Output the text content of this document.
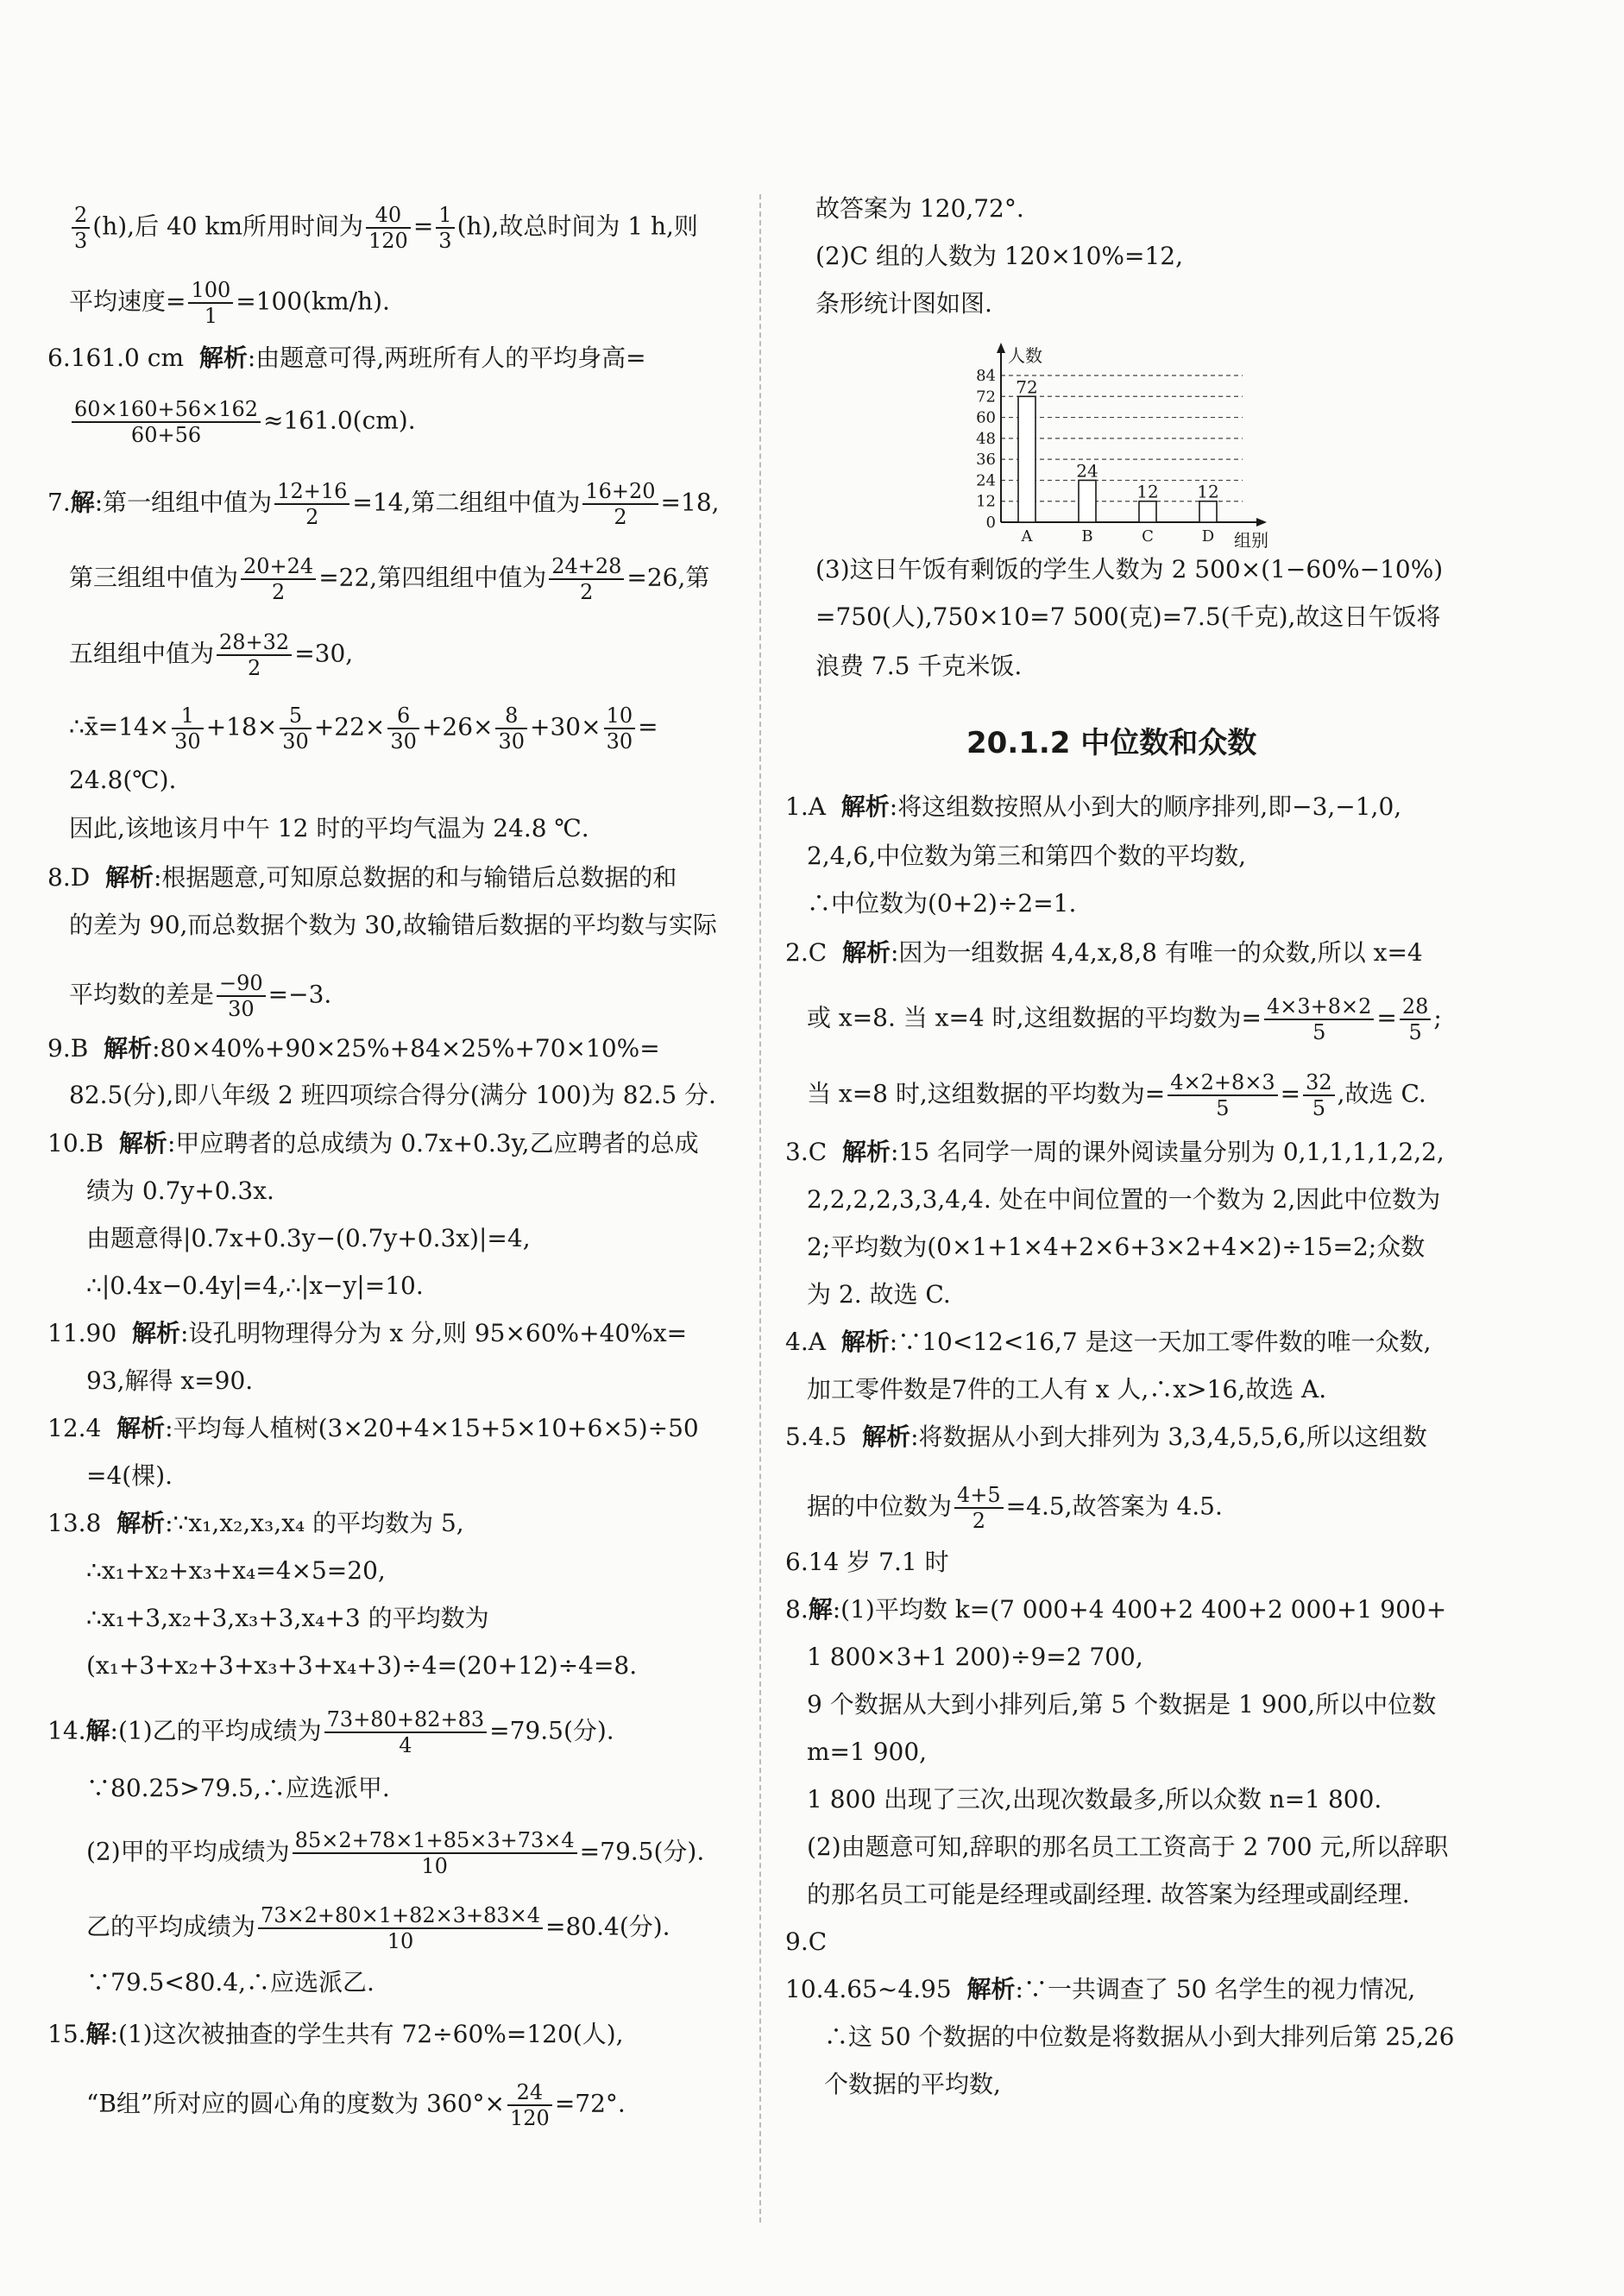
$\frac{2}{3} (h)$,后 40 km所用时间为 $\frac{40}{120} = \frac{1}{3} (h)$,故总时间为 1 h,则
平均速度= $\frac{100}{1} =100(km/h)$.
6.161.0 cm 解析:由题意可得,两班所有人的平均身高=
$\frac{60\times 160+56\times 162}{60+56} \approx 161.0(cm)$.
7.解:第一组组中值为 $\frac{12+16}{2} =14$,第二组组中值为 $\frac{16+20}{2} =18$,
第三组组中值为 $\frac{20+24}{2} =22$,第四组组中值为 $\frac{24+28}{2} =26$,第
五组组中值为 $\frac{28+32}{2} =30$,
∴x̄=14× $\frac{1}{30} +18\times \frac{5}{30} +22\times \frac{6}{30} +26\times \frac{8}{30} +30\times \frac{10}{30}$ =
24.8(℃).
因此,该地该月中午 12 时的平均气温为 24.8 ℃.
8.D 解析:根据题意,可知原总数据的和与输错后总数据的和
的差为 90,而总数据个数为 30,故输错后数据的平均数与实际
平均数的差是 $\frac{-90}{30} =-3$.
9.B 解析:80×40%+90×25%+84×25%+70×10%=
82.5(分),即八年级 2 班四项综合得分(满分 100)为 82.5 分.
10.B 解析:甲应聘者的总成绩为 0.7x+0.3y,乙应聘者的总成
绩为 0.7y+0.3x.
由题意得|0.7x+0.3y−(0.7y+0.3x)|=4,
∴|0.4x−0.4y|=4,∴|x−y|=10.
11.90 解析:设孔明物理得分为 x 分,则 95×60%+40%x=
93,解得 x=90.
12.4 解析:平均每人植树(3×20+4×15+5×10+6×5)÷50
=4(棵).
13.8 解析:∵x₁,x₂,x₃,x₄ 的平均数为 5,
∴x₁+x₂+x₃+x₄=4×5=20,
∴x₁+3,x₂+3,x₃+3,x₄+3 的平均数为
(x₁+3+x₂+3+x₃+3+x₄+3)÷4=(20+12)÷4=8.
14.解:(1)乙的平均成绩为 $\frac{73+80+82+83}{4} =79.5$(分).
∵80.25>79.5,∴应选派甲.
(2)甲的平均成绩为 $\frac{85\times 2+78\times 1+85\times 3+73\times 4}{10} =79.5$(分).
乙的平均成绩为 $\frac{73\times 2+80\times 1+82\times 3+83\times 4}{10} =80.4$(分).
∵79.5<80.4,∴应选派乙.
15.解:(1)这次被抽查的学生共有 72÷60%=120(人),
“B组”所对应的圆心角的度数为 $360^\circ\times \frac{24}{120} =72^\circ$.
故答案为 120,72°.
(2)C 组的人数为 120×10%=12,
条形统计图如图.
0
12
24
36
48
60
72
84
人数
组别
72
A
24
B
12
C
12
D
(3)这日午饭有剩饭的学生人数为 2 500×(1−60%−10%)
=750(人),750×10=7 500(克)=7.5(千克),故这日午饭将
浪费 7.5 千克米饭.
20.1.2 中位数和众数
1.A 解析:将这组数按照从小到大的顺序排列,即−3,−1,0,
2,4,6,中位数为第三和第四个数的平均数,
∴中位数为(0+2)÷2=1.
2.C 解析:因为一组数据 4,4,x,8,8 有唯一的众数,所以 x=4
或 x=8. 当 x=4 时,这组数据的平均数为= $\frac{4\times 3+8\times 2}{5} = \frac{28}{5}$ ;
当 x=8 时,这组数据的平均数为= $\frac{4\times 2+8\times 3}{5} = \frac{32}{5}$ ,故选 C.
3.C 解析:15 名同学一周的课外阅读量分别为 0,1,1,1,1,2,2,
2,2,2,2,3,3,4,4. 处在中间位置的一个数为 2,因此中位数为
2;平均数为(0×1+1×4+2×6+3×2+4×2)÷15=2;众数
为 2. 故选 C.
4.A 解析:∵10<12<16,7 是这一天加工零件数的唯一众数,
加工零件数是7件的工人有 x 人,∴x>16,故选 A.
5.4.5 解析:将数据从小到大排列为 3,3,4,5,5,6,所以这组数
据的中位数为 $\frac{4+5}{2} =4.5$,故答案为 4.5.
6.14 岁 7.1 时
8.解:(1)平均数 k=(7 000+4 400+2 400+2 000+1 900+
1 800×3+1 200)÷9=2 700,
9 个数据从大到小排列后,第 5 个数据是 1 900,所以中位数
m=1 900,
1 800 出现了三次,出现次数最多,所以众数 n=1 800.
(2)由题意可知,辞职的那名员工工资高于 2 700 元,所以辞职
的那名员工可能是经理或副经理. 故答案为经理或副经理.
9.C
10.4.65~4.95 解析:∵一共调查了 50 名学生的视力情况,
∴这 50 个数据的中位数是将数据从小到大排列后第 25,26
个数据的平均数,
